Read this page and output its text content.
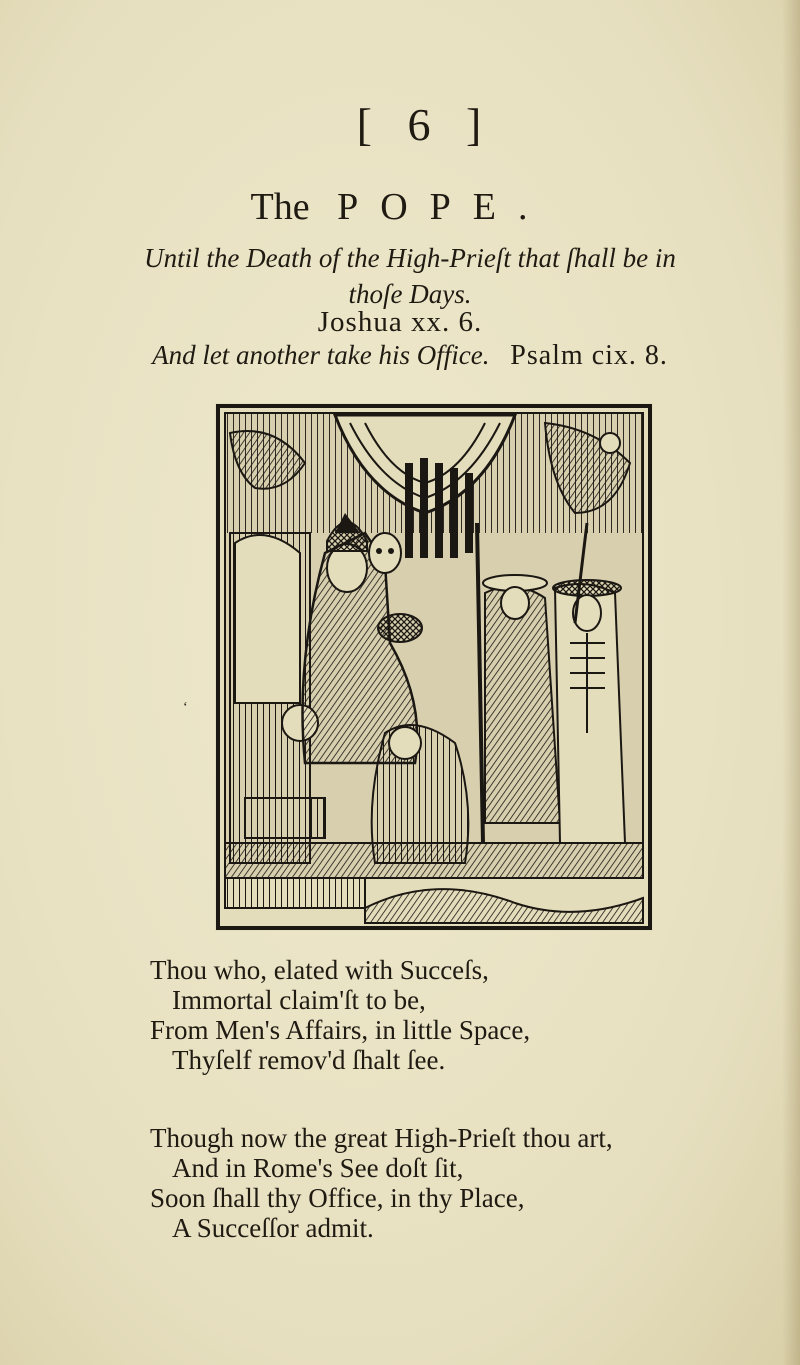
[ 6 ]
The POPE.
Until the Death of the High-Prieſt that ſhall be in
thoſe Days.
Joshua xx. 6.
And let another take his Office. Psalm cix. 8.
‘
Thou who, elated with Succeſs,
Immortal claim'ſt to be,
From Men's Affairs, in little Space,
Thyſelf remov'd ſhalt ſee.
Though now the great High-Prieſt thou art,
And in Rome's See doſt ſit,
Soon ſhall thy Office, in thy Place,
A Succeſſor admit.
